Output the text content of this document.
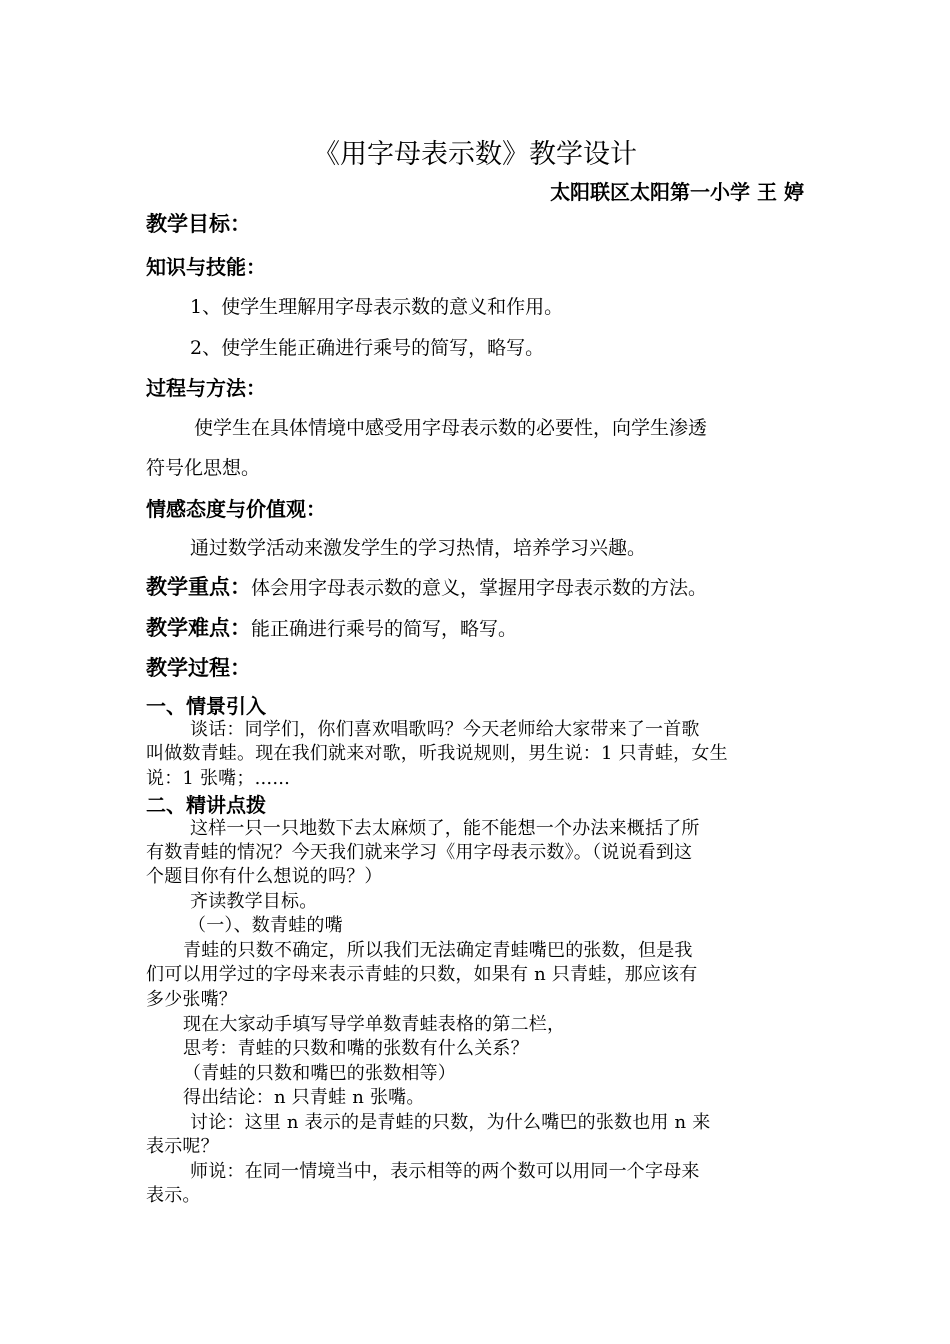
《用字母表示数》教学设计
太阳联区太阳第一小学 王 婷
教学目标：
知识与技能：
1、使学生理解用字母表示数的意义和作用。
2、使学生能正确进行乘号的简写，略写。
过程与方法：
使学生在具体情境中感受用字母表示数的必要性，向学生渗透
符号化思想。
情感态度与价值观：
通过数学活动来激发学生的学习热情，培养学习兴趣。
教学重点：体会用字母表示数的意义，掌握用字母表示数的方法。
教学难点：能正确进行乘号的简写，略写。
教学过程：
一、情景引入
谈话：同学们，你们喜欢唱歌吗？今天老师给大家带来了一首歌
叫做数青蛙。现在我们就来对歌，听我说规则，男生说：1 只青蛙，女生
说：1 张嘴；......
二、精讲点拨
这样一只一只地数下去太麻烦了，能不能想一个办法来概括了所
有数青蛙的情况？今天我们就来学习《用字母表示数》。（说说看到这
个题目你有什么想说的吗？）
齐读教学目标。
（一）、数青蛙的嘴
青蛙的只数不确定，所以我们无法确定青蛙嘴巴的张数，但是我
们可以用学过的字母来表示青蛙的只数，如果有 n 只青蛙，那应该有
多少张嘴？
现在大家动手填写导学单数青蛙表格的第二栏，
思考：青蛙的只数和嘴的张数有什么关系？
（青蛙的只数和嘴巴的张数相等）
得出结论：n 只青蛙 n 张嘴。
讨论：这里 n 表示的是青蛙的只数，为什么嘴巴的张数也用 n 来
表示呢？
师说：在同一情境当中，表示相等的两个数可以用同一个字母来
表示。
